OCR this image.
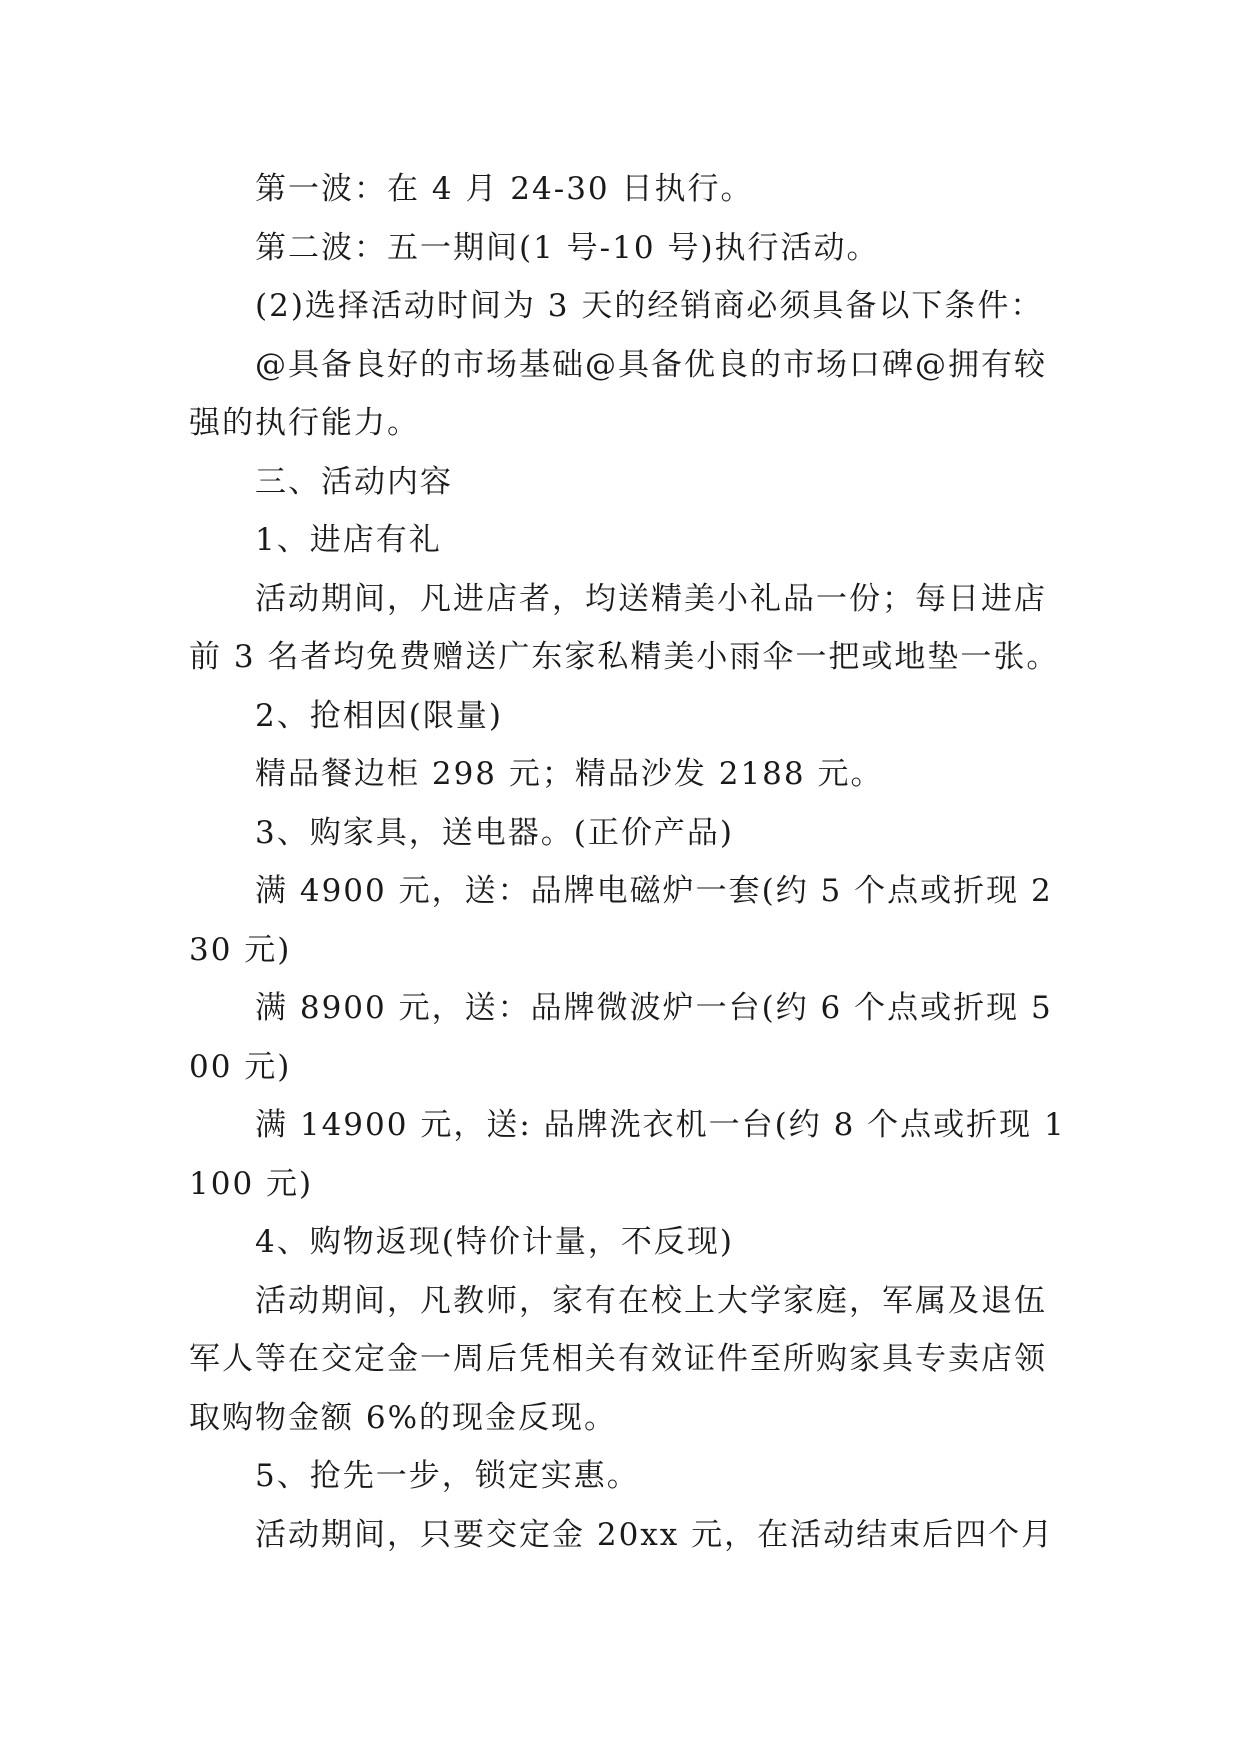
第一波：在 4 月 24-30 日执行。

第二波：五一期间(1 号-10 号)执行活动。

(2)选择活动时间为 3 天的经销商必须具备以下条件：

@具备良好的市场基础@具备优良的市场口碑@拥有较强的执行能力。

三、活动内容

1、进店有礼

活动期间，凡进店者，均送精美小礼品一份；每日进店前 3 名者均免费赠送广东家私精美小雨伞一把或地垫一张。

2、抢相因(限量)

精品餐边柜 298 元；精品沙发 2188 元。

3、购家具，送电器。(正价产品)

满 4900 元，送：品牌电磁炉一套(约 5 个点或折现 230 元)

满 8900 元，送：品牌微波炉一台(约 6 个点或折现 500 元)

满 14900 元，送: 品牌洗衣机一台(约 8 个点或折现 1100 元)

4、购物返现(特价计量，不反现)

活动期间，凡教师，家有在校上大学家庭，军属及退伍军人等在交定金一周后凭相关有效证件至所购家具专卖店领取购物金额 6%的现金反现。

5、抢先一步，锁定实惠。

活动期间，只要交定金 20xx 元，在活动结束后四个月
